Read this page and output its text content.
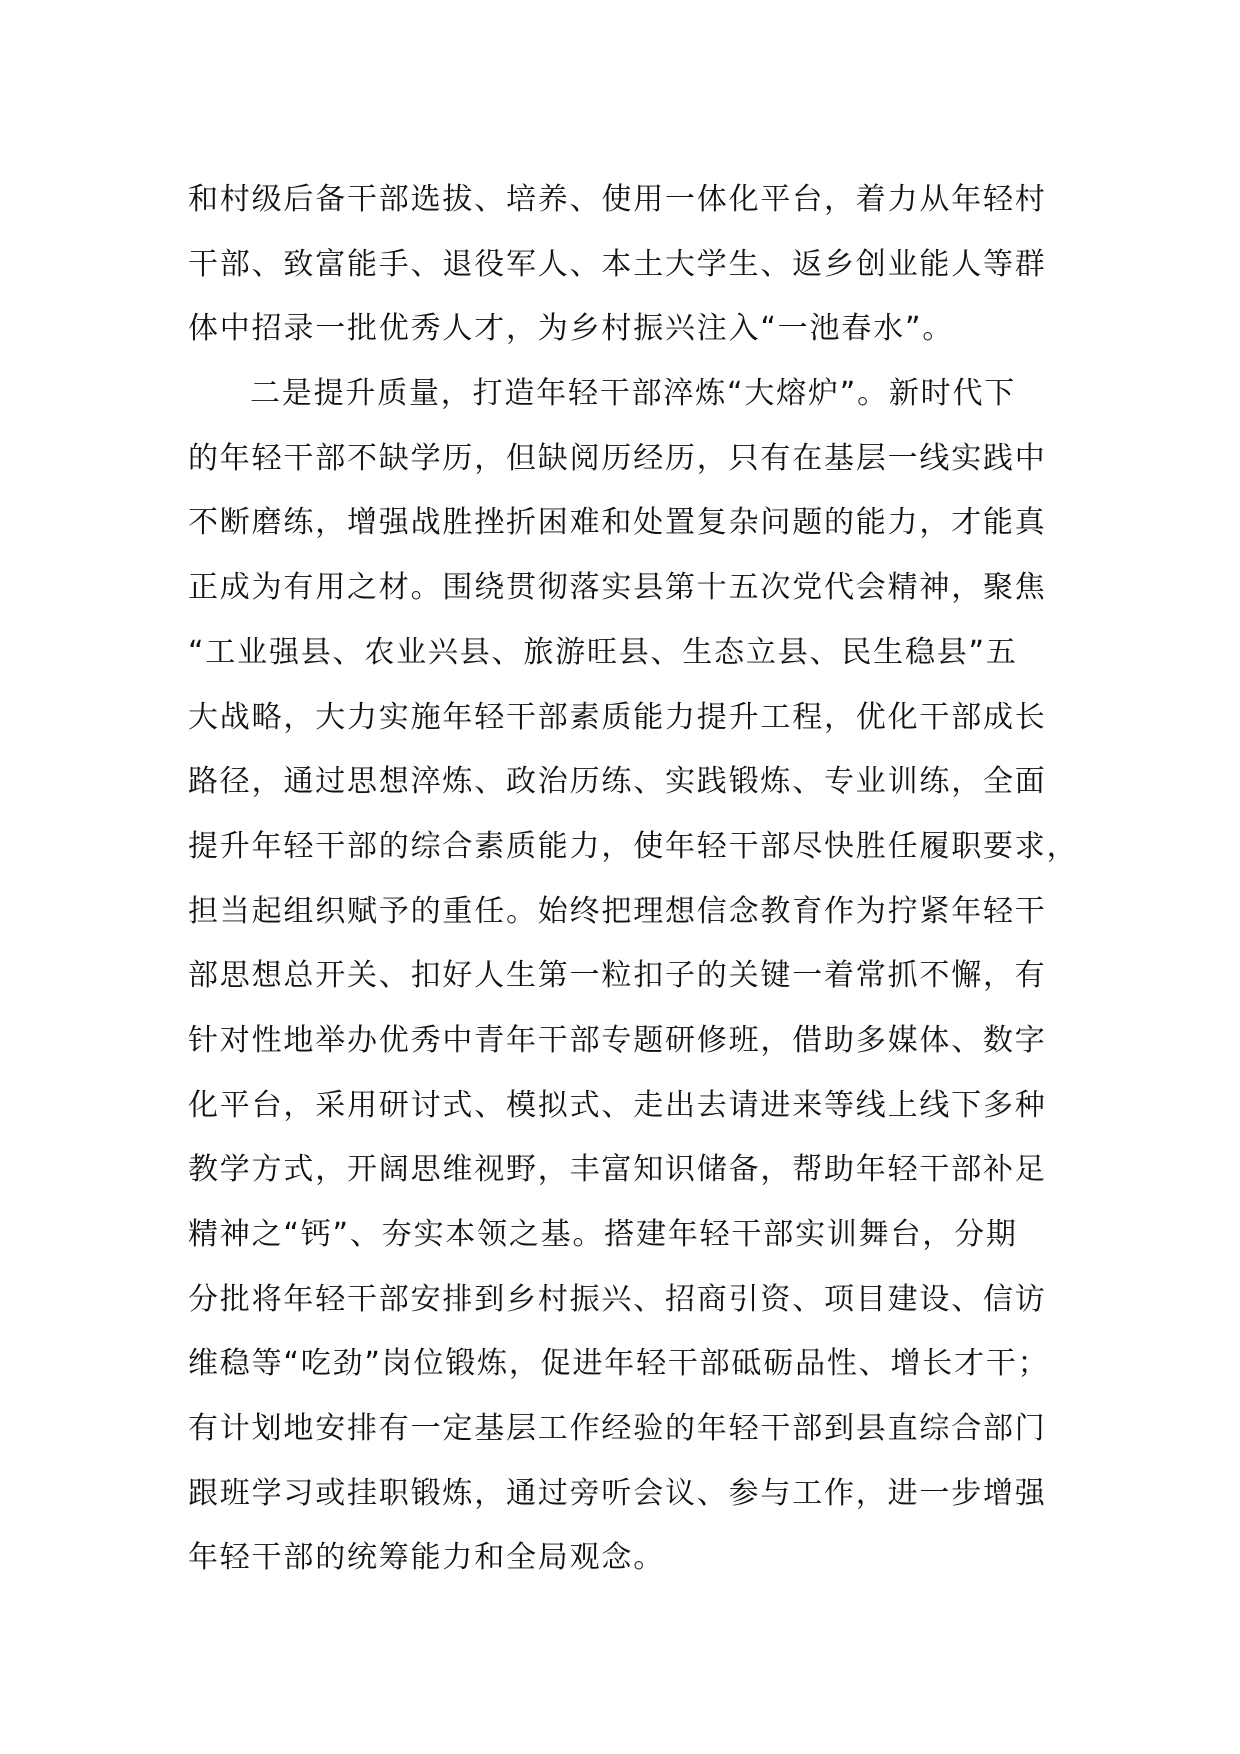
和村级后备干部选拔、培养、使用一体化平台，着力从年轻村
干部、致富能手、退役军人、本土大学生、返乡创业能人等群
体中招录一批优秀人才，为乡村振兴注入“一池春水”。
二是提升质量，打造年轻干部淬炼“大熔炉”。新时代下
的年轻干部不缺学历，但缺阅历经历，只有在基层一线实践中
不断磨练，增强战胜挫折困难和处置复杂问题的能力，才能真
正成为有用之材。围绕贯彻落实县第十五次党代会精神，聚焦
“工业强县、农业兴县、旅游旺县、生态立县、民生稳县”五
大战略，大力实施年轻干部素质能力提升工程，优化干部成长
路径，通过思想淬炼、政治历练、实践锻炼、专业训练，全面
提升年轻干部的综合素质能力，使年轻干部尽快胜任履职要求，
担当起组织赋予的重任。始终把理想信念教育作为拧紧年轻干
部思想总开关、扣好人生第一粒扣子的关键一着常抓不懈，有
针对性地举办优秀中青年干部专题研修班，借助多媒体、数字
化平台，采用研讨式、模拟式、走出去请进来等线上线下多种
教学方式，开阔思维视野，丰富知识储备，帮助年轻干部补足
精神之“钙”、夯实本领之基。搭建年轻干部实训舞台，分期
分批将年轻干部安排到乡村振兴、招商引资、项目建设、信访
维稳等“吃劲”岗位锻炼，促进年轻干部砥砺品性、增长才干；
有计划地安排有一定基层工作经验的年轻干部到县直综合部门
跟班学习或挂职锻炼，通过旁听会议、参与工作，进一步增强
年轻干部的统筹能力和全局观念。
